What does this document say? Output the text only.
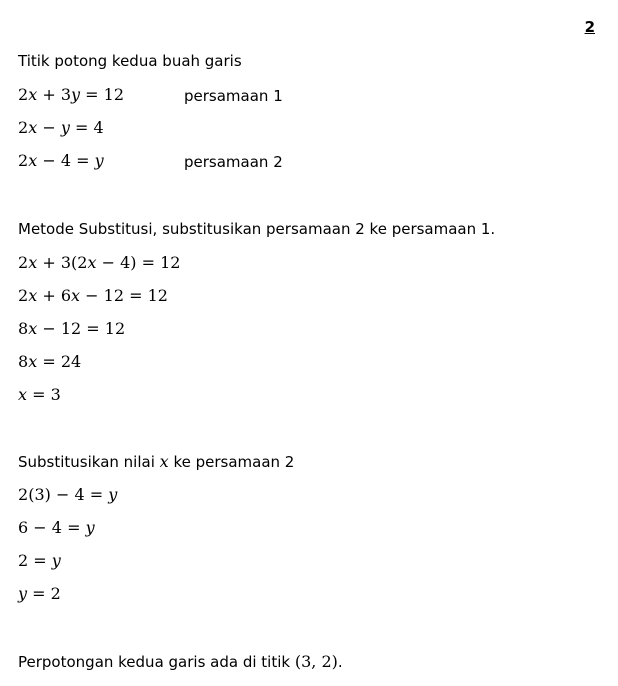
2
Titik potong kedua buah garis
2x + 3y = 12	persamaan 1
2x − y = 4
2x − 4 = y	persamaan 2
Metode Substitusi, substitusikan persamaan 2 ke persamaan 1.
2x + 3(2x − 4) = 12
2x + 6x − 12 = 12
8x − 12 = 12
8x = 24
x = 3
Substitusikan nilai x ke persamaan 2
2(3) − 4 = y
6 − 4 = y
2 = y
y = 2
Perpotongan kedua garis ada di titik (3, 2).
